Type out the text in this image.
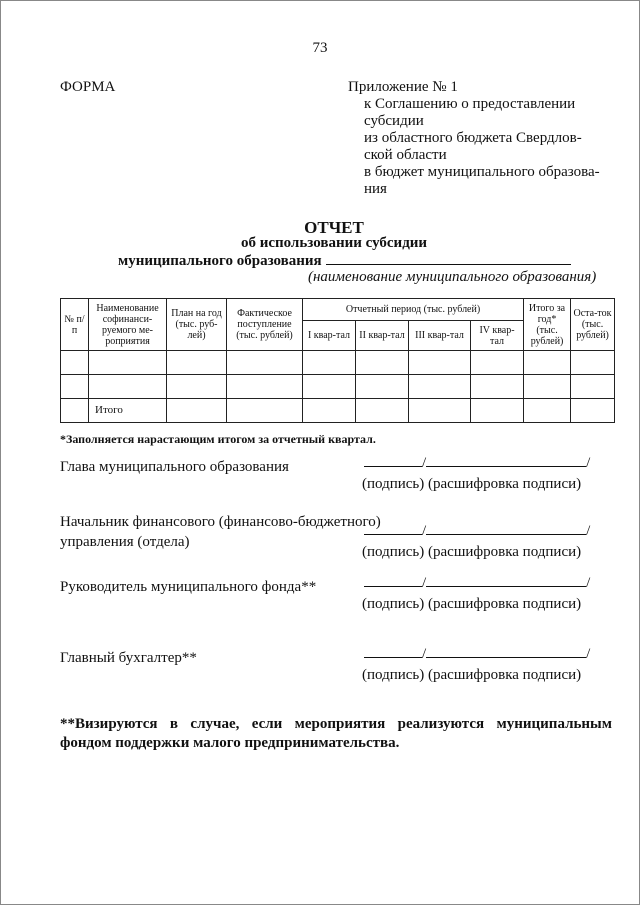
73
ФОРМА	Приложение № 1
к Соглашению о предоставлении
субсидии
из областного бюджета Свердлов-
ской области
в бюджет муниципального образова-
ния
ОТЧЕТ
об использовании субсидии
муниципального образования
(наименование муниципального образования)
№ п/п	Наименование софинанси-руемого ме-роприятия	План на год (тыс. руб-лей)	Фактическое поступление (тыс. рублей)	Отчетный период (тыс. рублей)				Итого за год* (тыс. рублей)	Оста-ток (тыс. рублей)
				I квар-тал	II квар-тал	III квар-тал	IV квар-тал		

	Итого								
*Заполняется нарастающим итогом за отчетный квартал.
Глава муниципального образования	/	/
(подпись) (расшифровка подписи)
Начальник финансового (финансово-бюджетного)
управления (отдела)
/	/
(подпись) (расшифровка подписи)
Руководитель муниципального фонда**	/	/
(подпись) (расшифровка подписи)
Главный бухгалтер**	/	/
(подпись) (расшифровка подписи)
**Визируются в случае, если мероприятия реализуются муниципальным фондом поддержки малого предпринимательства.
